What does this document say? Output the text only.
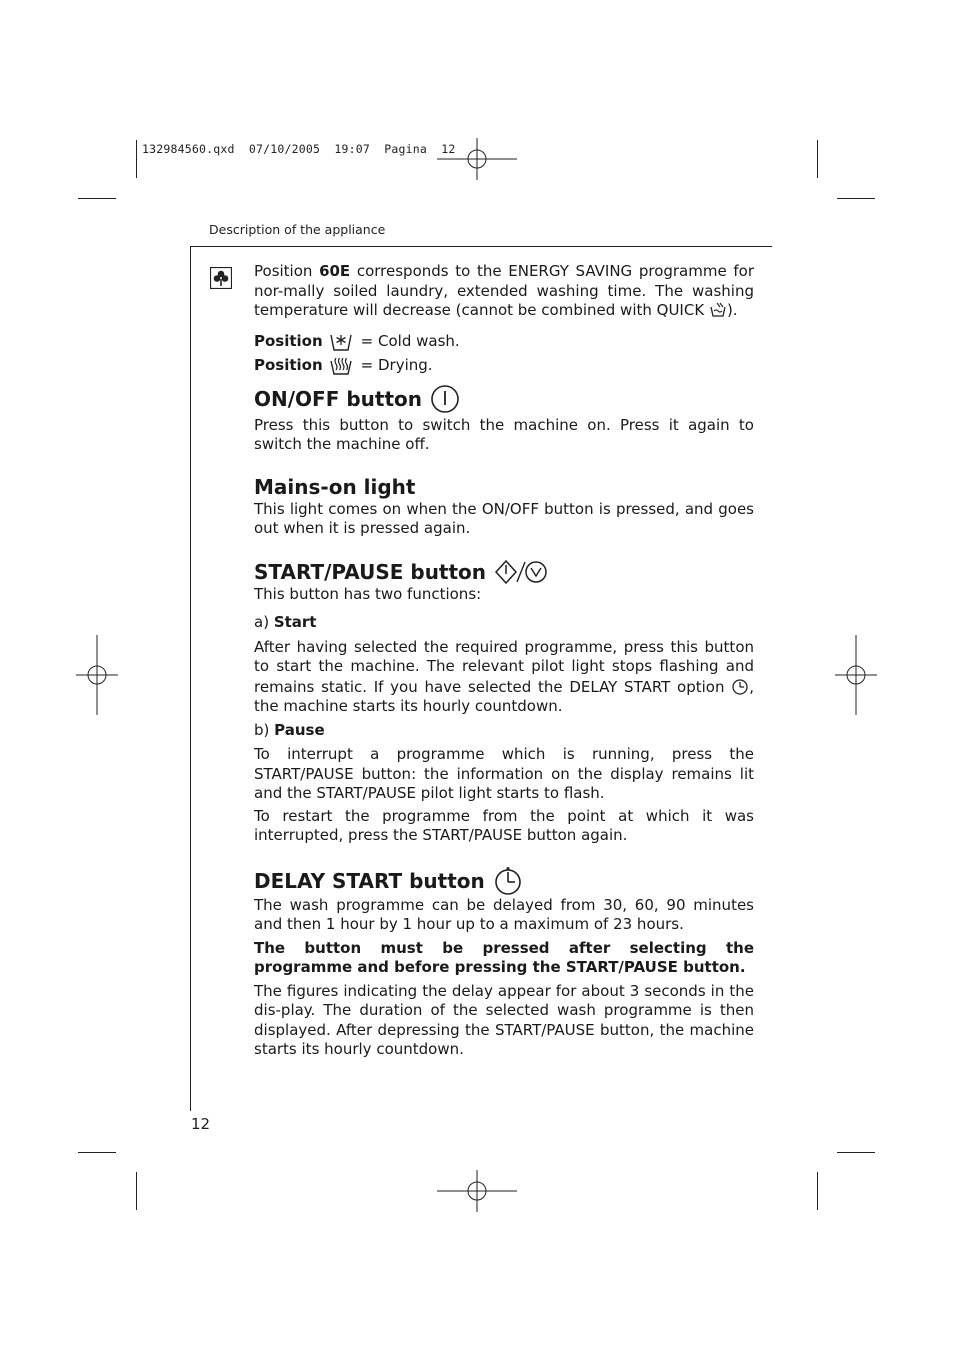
132984560.qxd  07/10/2005  19:07  Pagina  12
Description of the appliance
12

Position 60E corresponds to the ENERGY SAVING programme for nor-mally soiled laundry, extended washing time. The washing temperature will decrease (cannot be combined with QUICK ).

Position	= Cold wash.
Position	= Drying.
ON/OFF button

Press this button to switch the machine on. Press it again to switch the machine off.

Mains-on light

This light comes on when the ON/OFF button is pressed, and goes out when it is pressed again.

START/PAUSE button

This button has two functions:

a) Start

After having selected the required programme, press this button to start the machine. The relevant pilot light stops flashing and remains static. If you have selected the DELAY START option , the machine starts its hourly countdown.

b) Pause

To interrupt a programme which is running, press the START/PAUSE button: the information on the display remains lit and the START/PAUSE pilot light starts to flash.

To restart the programme from the point at which it was interrupted, press the START/PAUSE button again.

DELAY START button

The wash programme can be delayed from 30, 60, 90 minutes and then 1 hour by 1 hour up to a maximum of 23 hours.

The button must be pressed after selecting the programme and before pressing the START/PAUSE button.

The figures indicating the delay appear for about 3 seconds in the dis-play. The duration of the selected wash programme is then displayed. After depressing the START/PAUSE button, the machine starts its hourly countdown.
